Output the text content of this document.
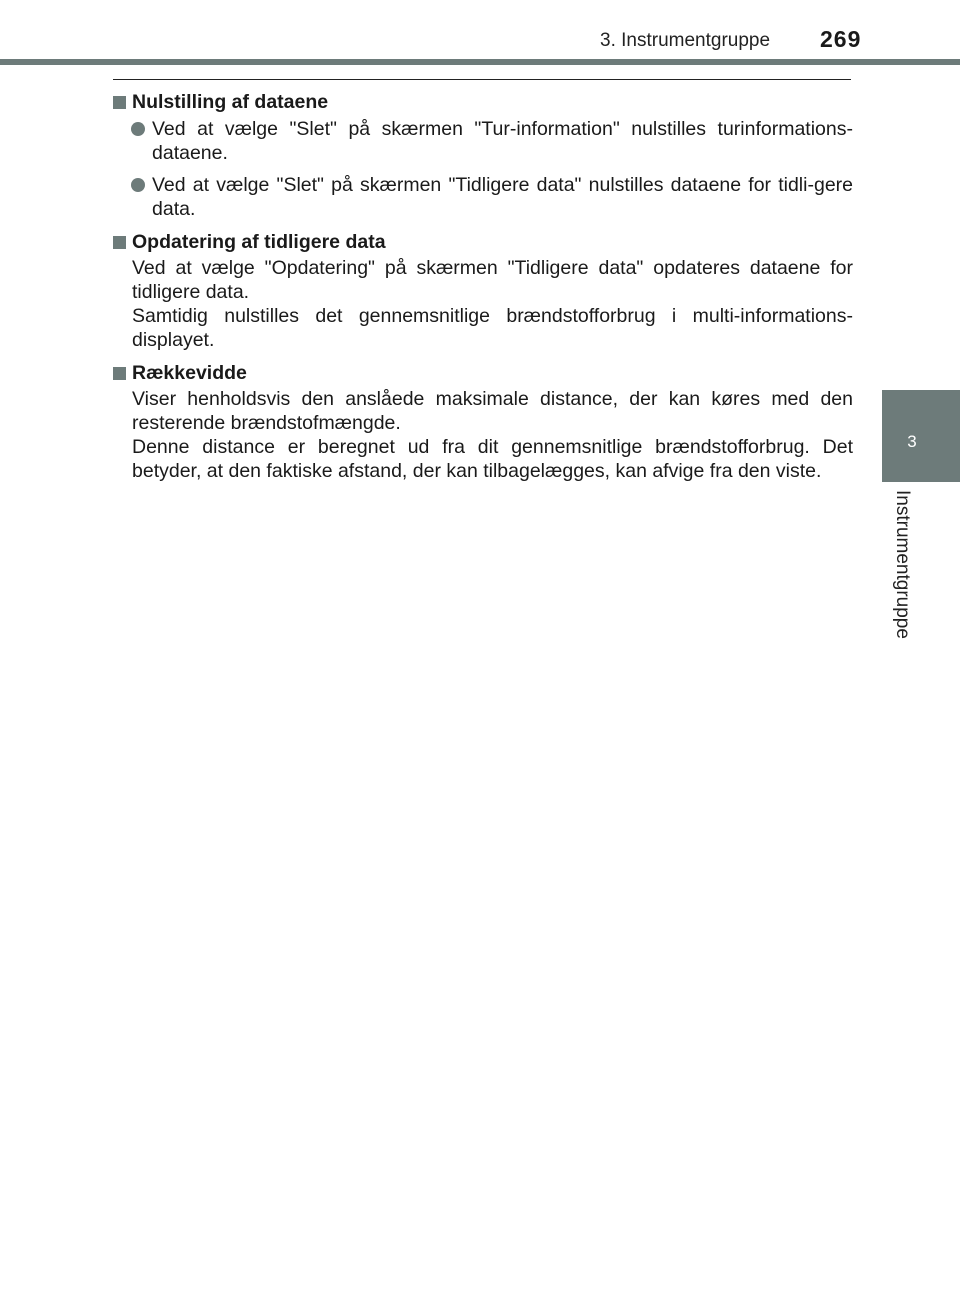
3. Instrumentgruppe 269
3
Instrumentgruppe
Nulstilling af dataene
Ved at vælge "Slet" på skærmen "Tur-information" nulstilles turinformations-dataene.
Ved at vælge "Slet" på skærmen "Tidligere data" nulstilles dataene for tidli-gere data.
Opdatering af tidligere data

Ved at vælge "Opdatering" på skærmen "Tidligere data" opdateres dataene for tidligere data.

Samtidig nulstilles det gennemsnitlige brændstofforbrug i multi-informations-displayet.

Rækkevidde

Viser henholdsvis den anslåede maksimale distance, der kan køres med den resterende brændstofmængde.

Denne distance er beregnet ud fra dit gennemsnitlige brændstofforbrug. Det betyder, at den faktiske afstand, der kan tilbagelægges, kan afvige fra den viste.
